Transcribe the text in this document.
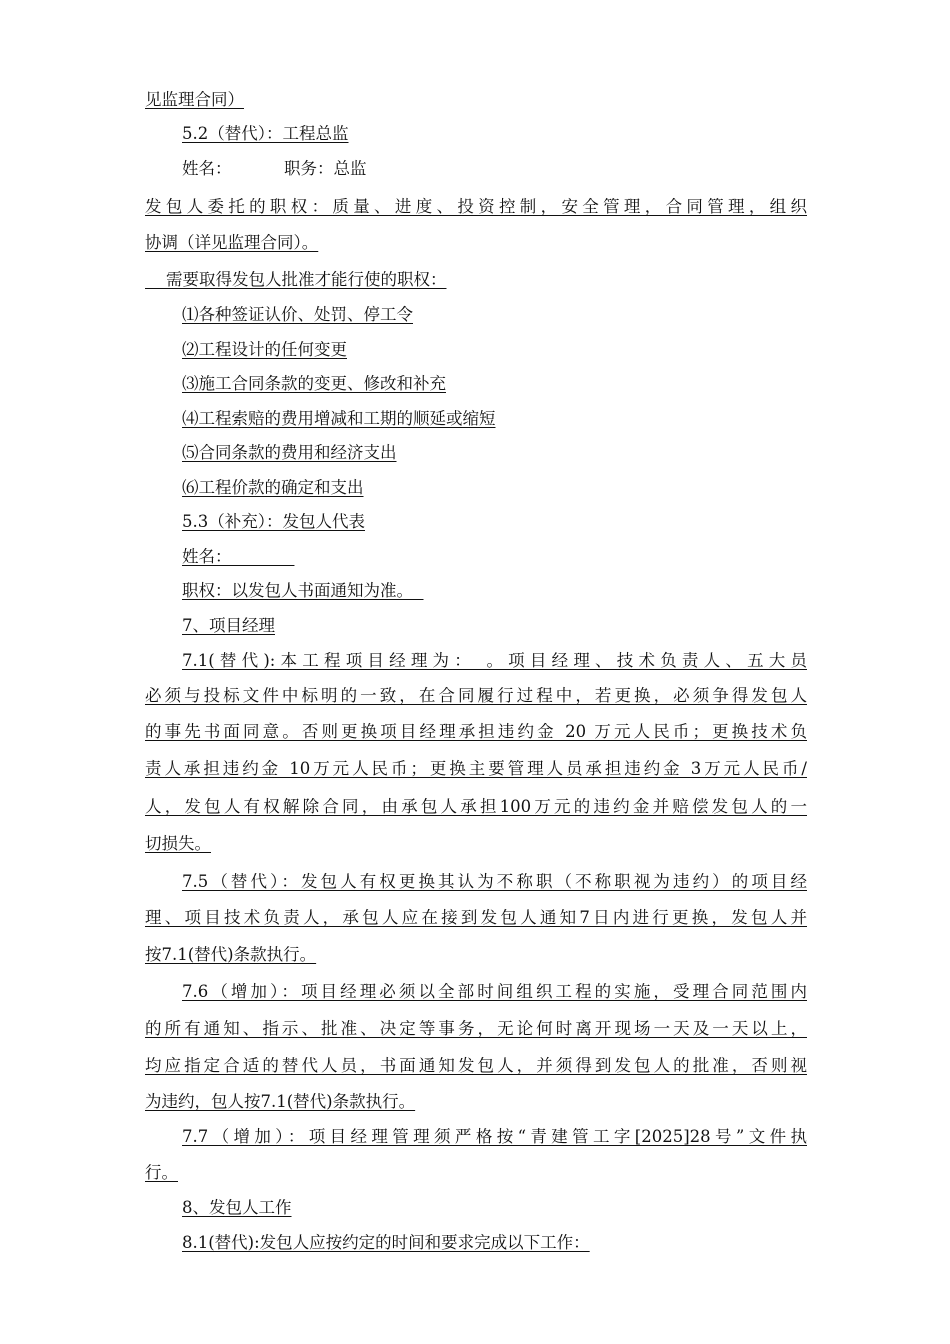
见监理合同）

5.2（替代）：工程总监

姓名：          职务：总监

发包人委托的职权：质量、进度、投资控制，安全管理，合同管理，组织

协调（详见监理合同）。

需要取得发包人批准才能行使的职权：

⑴各种签证认价、处罚、停工令

⑵工程设计的任何变更

⑶施工合同条款的变更、修改和补充

⑷工程索赔的费用增减和工期的顺延或缩短

⑸合同条款的费用和经济支出

⑹工程价款的确定和支出

5.3（补充）：发包人代表

姓名：

职权：以发包人书面通知为准。

7、项目经理

7.1(替代):本工程项目经理为： 。项目经理、技术负责人、五大员

必须与投标文件中标明的一致，在合同履行过程中，若更换，必须争得发包人

的事先书面同意。否则更换项目经理承担违约金 20 万元人民币；更换技术负

责人承担违约金 10万元人民币；更换主要管理人员承担违约金 3万元人民币/

人，发包人有权解除合同，由承包人承担100万元的违约金并赔偿发包人的一

切损失。

7.5（替代）：发包人有权更换其认为不称职（不称职视为违约）的项目经

理、项目技术负责人，承包人应在接到发包人通知7日内进行更换，发包人并

按7.1(替代)条款执行。

7.6（增加）：项目经理必须以全部时间组织工程的实施，受理合同范围内

的所有通知、指示、批准、决定等事务，无论何时离开现场一天及一天以上，

均应指定合适的替代人员，书面通知发包人，并须得到发包人的批准，否则视

为违约，包人按7.1(替代)条款执行。

7.7（增加）：项目经理管理须严格按“青建管工字[2025]28号”文件执

行。

8、发包人工作

8.1(替代):发包人应按约定的时间和要求完成以下工作：
